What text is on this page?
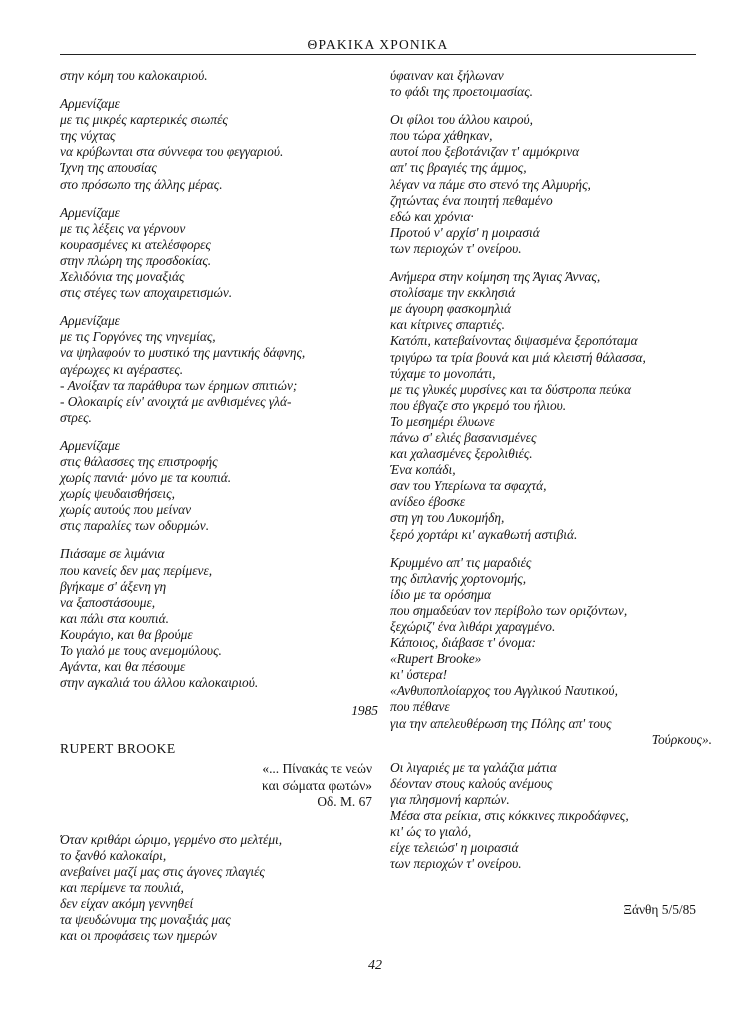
ΘΡΑΚΙΚΑ ΧΡΟΝΙΚΑ
στην κόμη του καλοκαιριού.
Αρμενίζαμε
με τις μικρές καρτερικές σιωπές
της νύχτας
να κρύβωνται στα σύννεφα του φεγγαριού.
Ίχνη της απουσίας
στο πρόσωπο της άλλης μέρας.
Αρμενίζαμε
με τις λέξεις να γέρνουν
κουρασμένες κι ατελέσφορες
στην πλώρη της προσδοκίας.
Χελιδόνια της μοναξιάς
στις στέγες των αποχαιρετισμών.
Αρμενίζαμε
με τις Γοργόνες της νηνεμίας,
να ψηλαφούν το μυστικό της μαντικής δάφνης,
αγέρωχες κι αγέραστες.
- Ανοίξαν τα παράθυρα των έρημων σπιτιών;
- Ολοκαιρίς είν' ανοιχτά με ανθισμένες γλά-
στρες.
Αρμενίζαμε
στις θάλασσες της επιστροφής
χωρίς πανιά· μόνο με τα κουπιά.
χωρίς ψευδαισθήσεις,
χωρίς αυτούς που μείναν
στις παραλίες των οδυρμών.
Πιάσαμε σε λιμάνια
που κανείς δεν μας περίμενε,
βγήκαμε σ' άξενη γη
να ξαποστάσουμε,
και πάλι στα κουπιά.
Κουράγιο, και θα βρούμε
Το γιαλό με τους ανεμομύλους.
Αγάντα, και θα πέσουμε
στην αγκαλιά του άλλου καλοκαιριού.
1985
RUPERT BROOKE
«... Πίνακάς τε νεών
και σώματα φωτών»
Οδ. Μ. 67
Όταν κριθάρι ώριμο, γερμένο στο μελτέμι,
το ξανθό καλοκαίρι,
ανεβαίνει μαζί μας στις άγονες πλαγιές
και περίμενε τα πουλιά,
δεν είχαν ακόμη γεννηθεί
τα ψευδώνυμα της μοναξιάς μας
και οι προφάσεις των ημερών
ύφαιναν και ξήλωναν
το φάδι της προετοιμασίας.
Οι φίλοι του άλλου καιρού,
που τώρα χάθηκαν,
αυτοί που ξεβοτάνιζαν τ' αμμόκρινα
απ' τις βραγιές της άμμος,
λέγαν να πάμε στο στενό της Αλμυρής,
ζητώντας ένα ποιητή πεθαμένο
εδώ και χρόνια·
Προτού ν' αρχίσ' η μοιρασιά
των περιοχών τ' ονείρου.
Ανήμερα στην κοίμηση της Άγιας Άννας,
στολίσαμε την εκκλησιά
με άγουρη φασκομηλιά
και κίτρινες σπαρτιές.
Κατόπι, κατεβαίνοντας διψασμένα ξεροπόταμα
τριγύρω τα τρία βουνά και μιά κλειστή θάλασσα,
τύχαμε το μονοπάτι,
με τις γλυκές μυρσίνες και τα δύστροπα πεύκα
που έβγαζε στο γκρεμό του ήλιου.
Το μεσημέρι έλυωνε
πάνω σ' ελιές βασανισμένες
και χαλασμένες ξερολιθιές.
Ένα κοπάδι,
σαν του Υπερίωνα τα σφαχτά,
ανίδεο έβοσκε
στη γη του Λυκομήδη,
ξερό χορτάρι κι' αγκαθωτή αστιβιά.
Κρυμμένο απ' τις μαραδιές
της διπλανής χορτονομής,
ίδιο με τα ορόσημα
που σημαδεύαν τον περίβολο των οριζόντων,
ξεχώριζ' ένα λιθάρι χαραγμένο.
Κάποιος, διάβασε τ' όνομα:
«Rupert Brooke»
κι' ύστερα!
«Ανθυποπλοίαρχος του Αγγλικού Ναυτικού,
που πέθανε
για την απελευθέρωση της Πόλης απ' τους
Τούρκους».
Οι λιγαριές με τα γαλάζια μάτια
δέονταν στους καλούς ανέμους
για πλησμονή καρπών.
Μέσα στα ρείκια, στις κόκκινες πικροδάφνες,
κι' ώς το γιαλό,
είχε τελειώσ' η μοιρασιά
των περιοχών τ' ονείρου.
Ξάνθη 5/5/85
42
